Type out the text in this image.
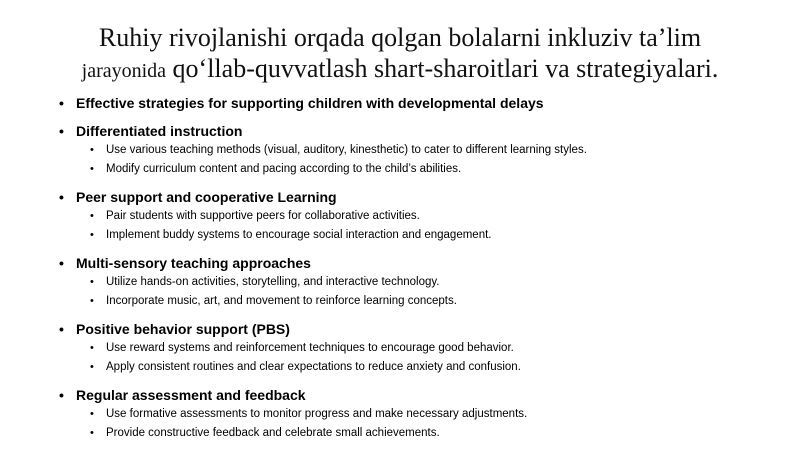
Ruhiy rivojlanishi orqada qolgan bolalarni inkluziv ta’lim
jarayonida qo‘llab-quvvatlash shart-sharoitlari va strategiyalari.
• Effective strategies for supporting children with developmental delays
• Differentiated instruction
• Use various teaching methods (visual, auditory, kinesthetic) to cater to different learning styles.
• Modify curriculum content and pacing according to the child’s abilities.
• Peer support and cooperative Learning
• Pair students with supportive peers for collaborative activities.
• Implement buddy systems to encourage social interaction and engagement.
• Multi-sensory teaching approaches
• Utilize hands-on activities, storytelling, and interactive technology.
• Incorporate music, art, and movement to reinforce learning concepts.
• Positive behavior support (PBS)
• Use reward systems and reinforcement techniques to encourage good behavior.
• Apply consistent routines and clear expectations to reduce anxiety and confusion.
• Regular assessment and feedback
• Use formative assessments to monitor progress and make necessary adjustments.
• Provide constructive feedback and celebrate small achievements.
